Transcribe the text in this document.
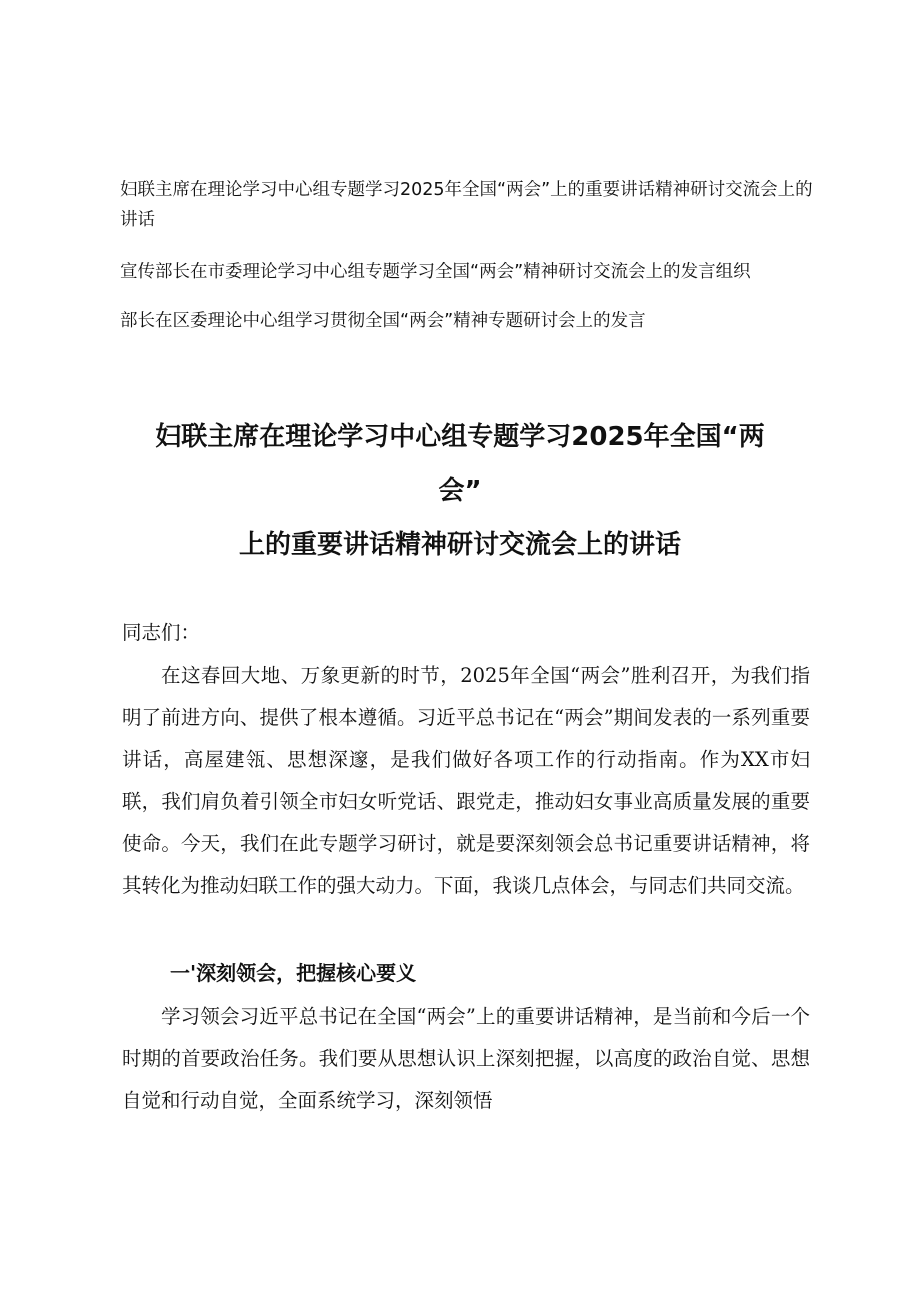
妇联主席在理论学习中心组专题学习2025年全国“两会”上的重要讲话精神研讨交流会上的讲话
宣传部长在市委理论学习中心组专题学习全国“两会”精神研讨交流会上的发言组织
部长在区委理论中心组学习贯彻全国“两会”精神专题研讨会上的发言
妇联主席在理论学习中心组专题学习2025年全国“两
会”
上的重要讲话精神研讨交流会上的讲话
同志们：
在这春回大地、万象更新的时节，2025年全国“两会”胜利召开，为我们指明了前进方向、提供了根本遵循。习近平总书记在“两会”期间发表的一系列重要讲话，高屋建瓴、思想深邃，是我们做好各项工作的行动指南。作为XX市妇联，我们肩负着引领全市妇女听党话、跟党走，推动妇女事业高质量发展的重要使命。今天，我们在此专题学习研讨，就是要深刻领会总书记重要讲话精神，将其转化为推动妇联工作的强大动力。下面，我谈几点体会，与同志们共同交流。
一'深刻领会，把握核心要义
学习领会习近平总书记在全国“两会”上的重要讲话精神，是当前和今后一个时期的首要政治任务。我们要从思想认识上深刻把握，以高度的政治自觉、思想自觉和行动自觉，全面系统学习，深刻领悟
